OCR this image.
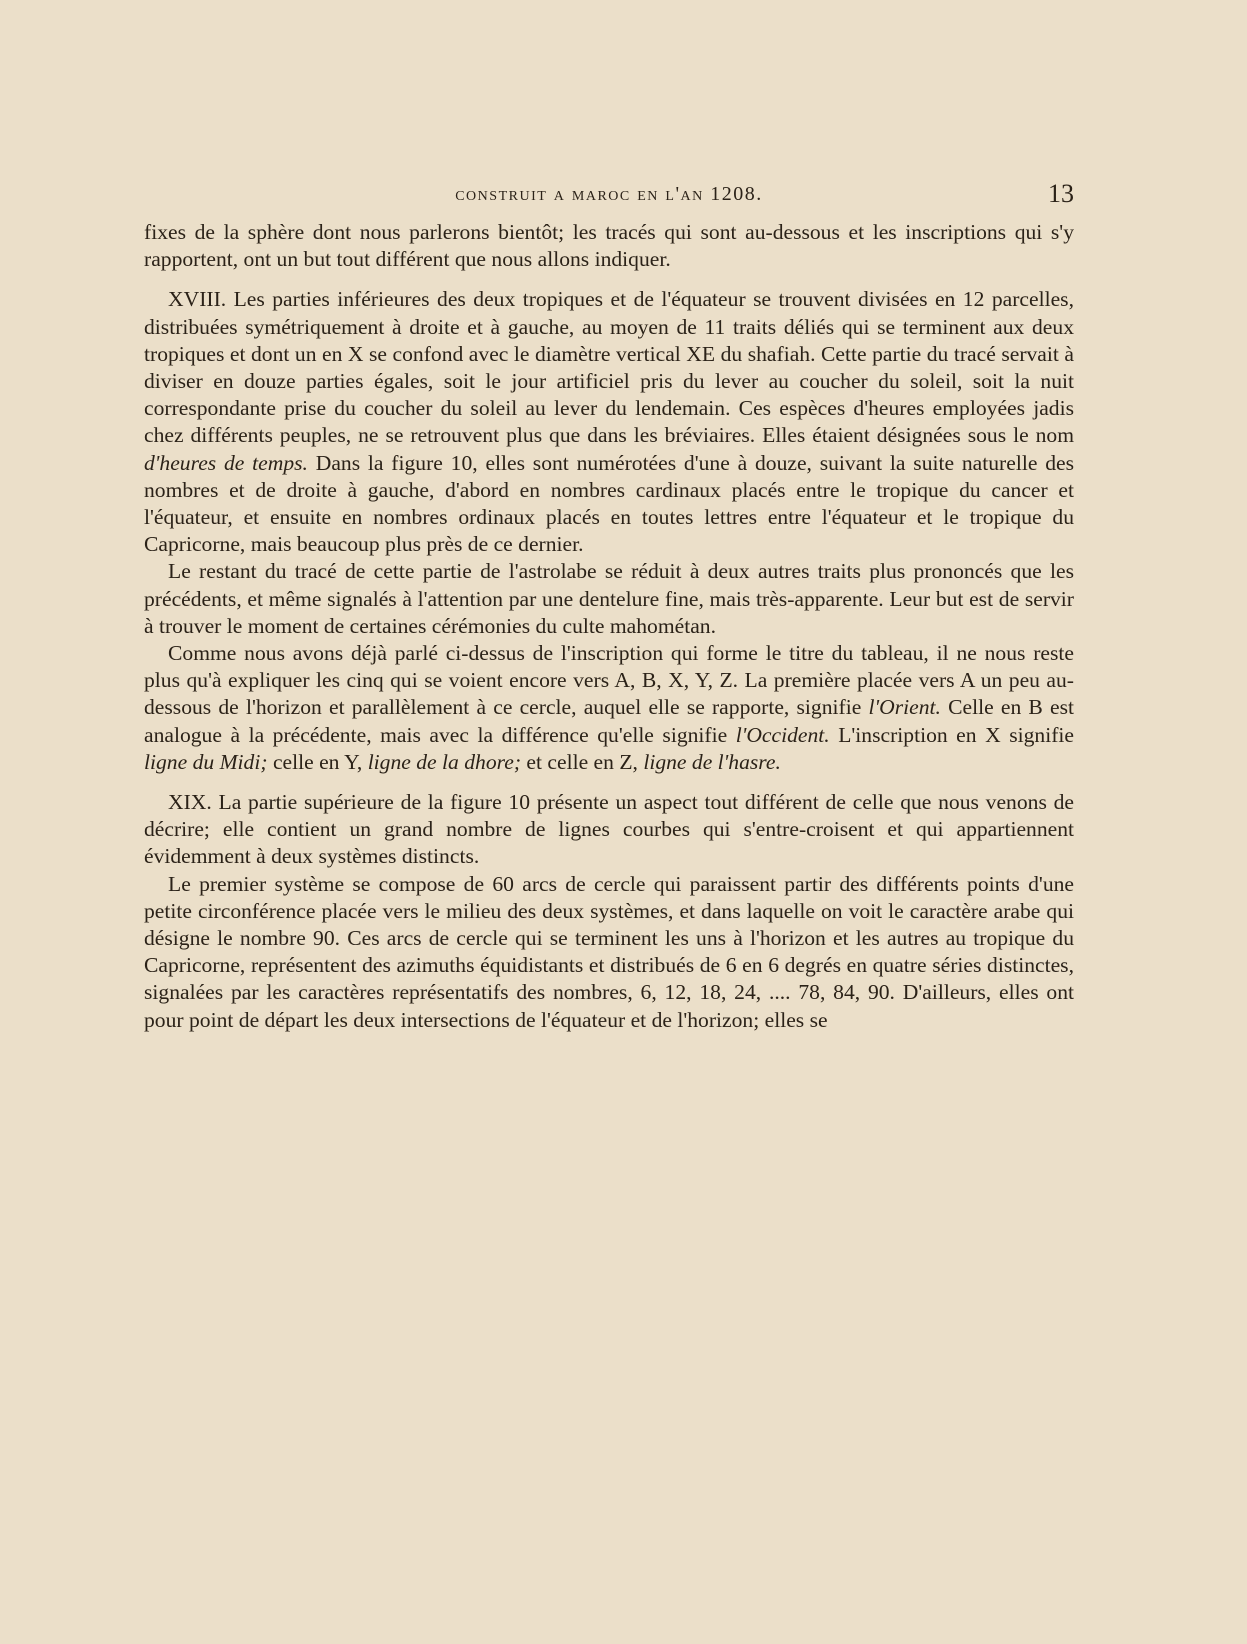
construit a maroc en l'an 1208.	13

fixes de la sphère dont nous parlerons bientôt; les tracés qui sont au-dessous et les inscriptions qui s'y rapportent, ont un but tout différent que nous allons indiquer.

XVIII. Les parties inférieures des deux tropiques et de l'équateur se trouvent divisées en 12 parcelles, distribuées symétriquement à droite et à gauche, au moyen de 11 traits déliés qui se terminent aux deux tropiques et dont un en X se confond avec le diamètre vertical XE du shafiah. Cette partie du tracé servait à diviser en douze parties égales, soit le jour artificiel pris du lever au coucher du soleil, soit la nuit correspondante prise du coucher du soleil au lever du lendemain. Ces espèces d'heures employées jadis chez différents peuples, ne se retrouvent plus que dans les bréviaires. Elles étaient désignées sous le nom d'heures de temps. Dans la figure 10, elles sont numérotées d'une à douze, suivant la suite naturelle des nombres et de droite à gauche, d'abord en nombres cardinaux placés entre le tropique du cancer et l'équateur, et ensuite en nombres ordinaux placés en toutes lettres entre l'équateur et le tropique du Capricorne, mais beaucoup plus près de ce dernier.

Le restant du tracé de cette partie de l'astrolabe se réduit à deux autres traits plus prononcés que les précédents, et même signalés à l'attention par une dentelure fine, mais très-apparente. Leur but est de servir à trouver le moment de certaines cérémonies du culte mahométan.

Comme nous avons déjà parlé ci-dessus de l'inscription qui forme le titre du tableau, il ne nous reste plus qu'à expliquer les cinq qui se voient encore vers A, B, X, Y, Z. La première placée vers A un peu au-dessous de l'horizon et parallèlement à ce cercle, auquel elle se rapporte, signifie l'Orient. Celle en B est analogue à la précédente, mais avec la différence qu'elle signifie l'Occident. L'inscription en X signifie ligne du Midi; celle en Y, ligne de la dhore; et celle en Z, ligne de l'hasre.

XIX. La partie supérieure de la figure 10 présente un aspect tout différent de celle que nous venons de décrire; elle contient un grand nombre de lignes courbes qui s'entre-croisent et qui appartiennent évidemment à deux systèmes distincts.

Le premier système se compose de 60 arcs de cercle qui paraissent partir des différents points d'une petite circonférence placée vers le milieu des deux systèmes, et dans laquelle on voit le caractère arabe qui désigne le nombre 90. Ces arcs de cercle qui se terminent les uns à l'horizon et les autres au tropique du Capricorne, représentent des azimuths équidistants et distribués de 6 en 6 degrés en quatre séries distinctes, signalées par les caractères représentatifs des nombres, 6, 12, 18, 24, .... 78, 84, 90. D'ailleurs, elles ont pour point de départ les deux intersections de l'équateur et de l'horizon; elles se
